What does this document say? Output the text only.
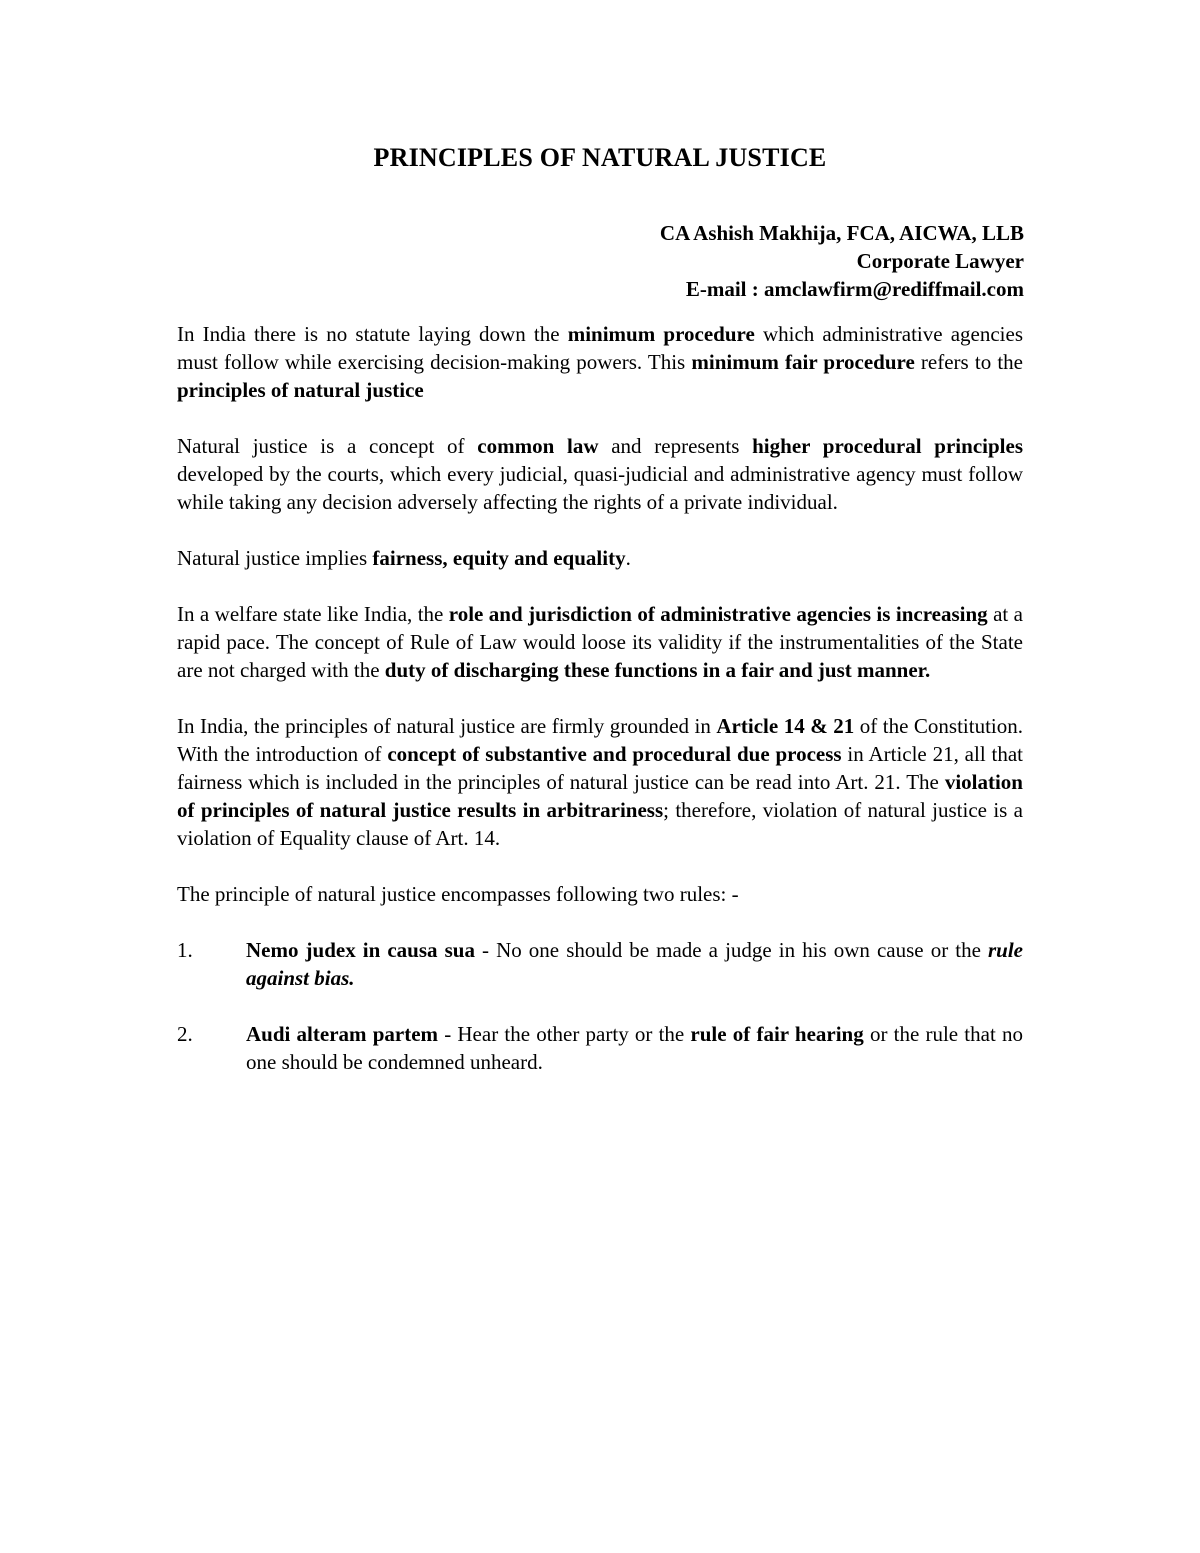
PRINCIPLES OF NATURAL JUSTICE
CA Ashish Makhija, FCA, AICWA, LLB
Corporate Lawyer
E-mail : amclawfirm@rediffmail.com

In India there is no statute laying down the minimum procedure which administrative agencies must follow while exercising decision-making powers. This minimum fair procedure refers to the principles of natural justice

Natural justice is a concept of common law and represents higher procedural principles developed by the courts, which every judicial, quasi-judicial and administrative agency must follow while taking any decision adversely affecting the rights of a private individual.

Natural justice implies fairness, equity and equality.

In a welfare state like India, the role and jurisdiction of administrative agencies is increasing at a rapid pace. The concept of Rule of Law would loose its validity if the instrumentalities of the State are not charged with the duty of discharging these functions in a fair and just manner.

In India, the principles of natural justice are firmly grounded in Article 14 & 21 of the Constitution. With the introduction of concept of substantive and procedural due process in Article 21, all that fairness which is included in the principles of natural justice can be read into Art. 21. The violation of principles of natural justice results in arbitrariness; therefore, violation of natural justice is a violation of Equality clause of Art. 14.

The principle of natural justice encompasses following two rules: -

1.	Nemo judex in causa sua - No one should be made a judge in his own cause or the rule against bias.
2.	Audi alteram partem - Hear the other party or the rule of fair hearing or the rule that no one should be condemned unheard.
